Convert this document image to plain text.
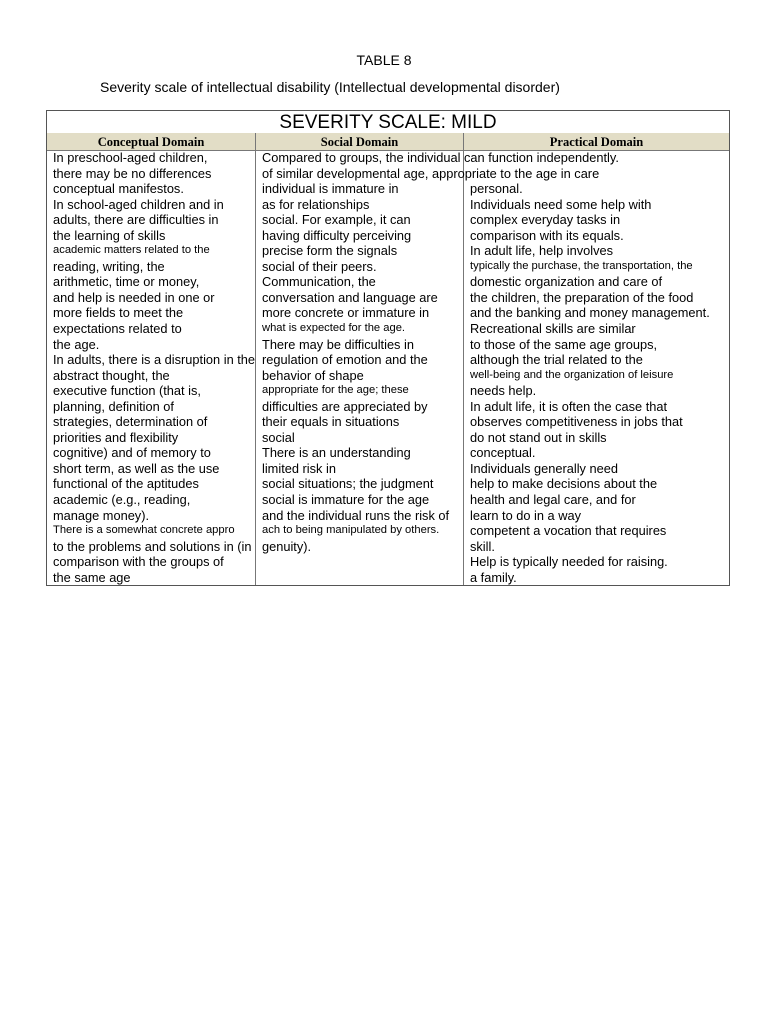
TABLE 8
Severity scale of intellectual disability (Intellectual developmental disorder)
SEVERITY SCALE: MILD
Conceptual Domain	Social Domain	Practical Domain
In preschool-aged children,
there may be no differences
conceptual manifestos.
In school-aged children and in
adults, there are difficulties in
the learning of skills
academic matters related to the
reading, writing, the
arithmetic, time or money,
and help is needed in one or
more fields to meet the
expectations related to
the age.
In adults, there is a disruption in the
abstract thought, the
executive function (that is,
planning, definition of
strategies, determination of
priorities and flexibility
cognitive) and of memory to
short term, as well as the use
functional of the aptitudes
academic (e.g., reading,
manage money).
There is a somewhat concrete appro
to the problems and solutions in (in
comparison with the groups of
the same age
Compared to groups, the individual can function independently.
of similar developmental age, appropriate to the age in care
individual is immature in
as for relationships
social. For example, it can
having difficulty perceiving
precise form the signals
social of their peers.
Communication, the
conversation and language are
more concrete or immature in
what is expected for the age.
There may be difficulties in
regulation of emotion and the
behavior of shape
appropriate for the age; these
difficulties are appreciated by
their equals in situations
social
There is an understanding
limited risk in
social situations; the judgment
social is immature for the age
and the individual runs the risk of
ach to being manipulated by others.
genuity).
personal.
Individuals need some help with
complex everyday tasks in
comparison with its equals.
In adult life, help involves
typically the purchase, the transportation, the
domestic organization and care of
the children, the preparation of the food
and the banking and money management.
Recreational skills are similar
to those of the same age groups,
although the trial related to the
well-being and the organization of leisure
needs help.
In adult life, it is often the case that
observes competitiveness in jobs that
do not stand out in skills
conceptual.
Individuals generally need
help to make decisions about the
health and legal care, and for
learn to do in a way
competent a vocation that requires
skill.
Help is typically needed for raising.
a family.
